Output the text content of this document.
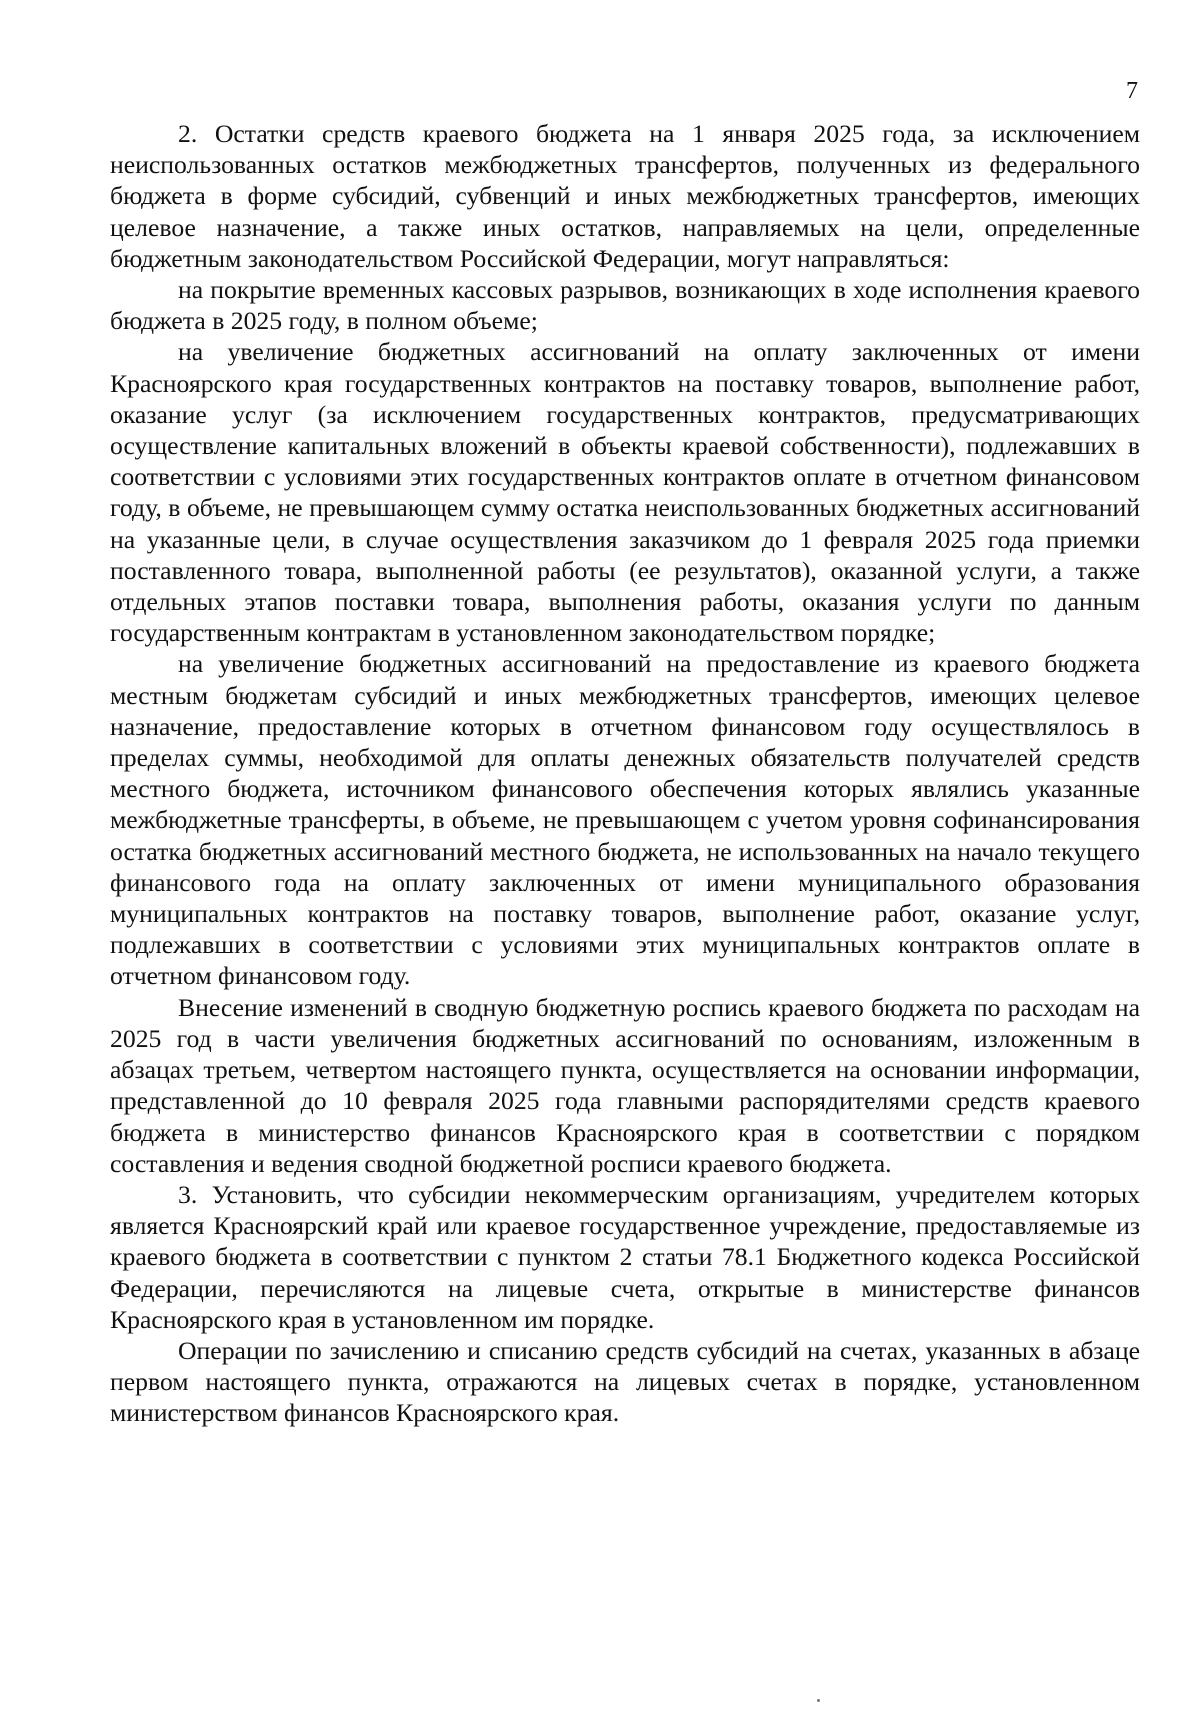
7

2. Остатки средств краевого бюджета на 1 января 2025 года, за исключением неиспользованных остатков межбюджетных трансфертов, полученных из федерального бюджета в форме субсидий, субвенций и иных межбюджетных трансфертов, имеющих целевое назначение, а также иных остатков, направляемых на цели, определенные бюджетным законодательством Российской Федерации, могут направляться:

на покрытие временных кассовых разрывов, возникающих в ходе исполнения краевого бюджета в 2025 году, в полном объеме;

на увеличение бюджетных ассигнований на оплату заключенных от имени Красноярского края государственных контрактов на поставку товаров, выполнение работ, оказание услуг (за исключением государственных контрактов, предусматривающих осуществление капитальных вложений в объекты краевой собственности), подлежавших в соответствии с условиями этих государственных контрактов оплате в отчетном финансовом году, в объеме, не превышающем сумму остатка неиспользованных бюджетных ассигнований на указанные цели, в случае осуществления заказчиком до 1 февраля 2025 года приемки поставленного товара, выполненной работы (ее результатов), оказанной услуги, а также отдельных этапов поставки товара, выполнения работы, оказания услуги по данным государственным контрактам в установленном законодательством порядке;

на увеличение бюджетных ассигнований на предоставление из краевого бюджета местным бюджетам субсидий и иных межбюджетных трансфертов, имеющих целевое назначение, предоставление которых в отчетном финансовом году осуществлялось в пределах суммы, необходимой для оплаты денежных обязательств получателей средств местного бюджета, источником финансового обеспечения которых являлись указанные межбюджетные трансферты, в объеме, не превышающем с учетом уровня софинансирования остатка бюджетных ассигнований местного бюджета, не использованных на начало текущего финансового года на оплату заключенных от имени муниципального образования муниципальных контрактов на поставку товаров, выполнение работ, оказание услуг, подлежавших в соответствии с условиями этих муниципальных контрактов оплате в отчетном финансовом году.

Внесение изменений в сводную бюджетную роспись краевого бюджета по расходам на 2025 год в части увеличения бюджетных ассигнований по основаниям, изложенным в абзацах третьем, четвертом настоящего пункта, осуществляется на основании информации, представленной до 10 февраля 2025 года главными распорядителями средств краевого бюджета в министерство финансов Красноярского края в соответствии с порядком составления и ведения сводной бюджетной росписи краевого бюджета.

3. Установить, что субсидии некоммерческим организациям, учредителем которых является Красноярский край или краевое государственное учреждение, предоставляемые из краевого бюджета в соответствии с пунктом 2 статьи 78.1 Бюджетного кодекса Российской Федерации, перечисляются на лицевые счета, открытые в министерстве финансов Красноярского края в установленном им порядке.

Операции по зачислению и списанию средств субсидий на счетах, указанных в абзаце первом настоящего пункта, отражаются на лицевых счетах в порядке, установленном министерством финансов Красноярского края.
